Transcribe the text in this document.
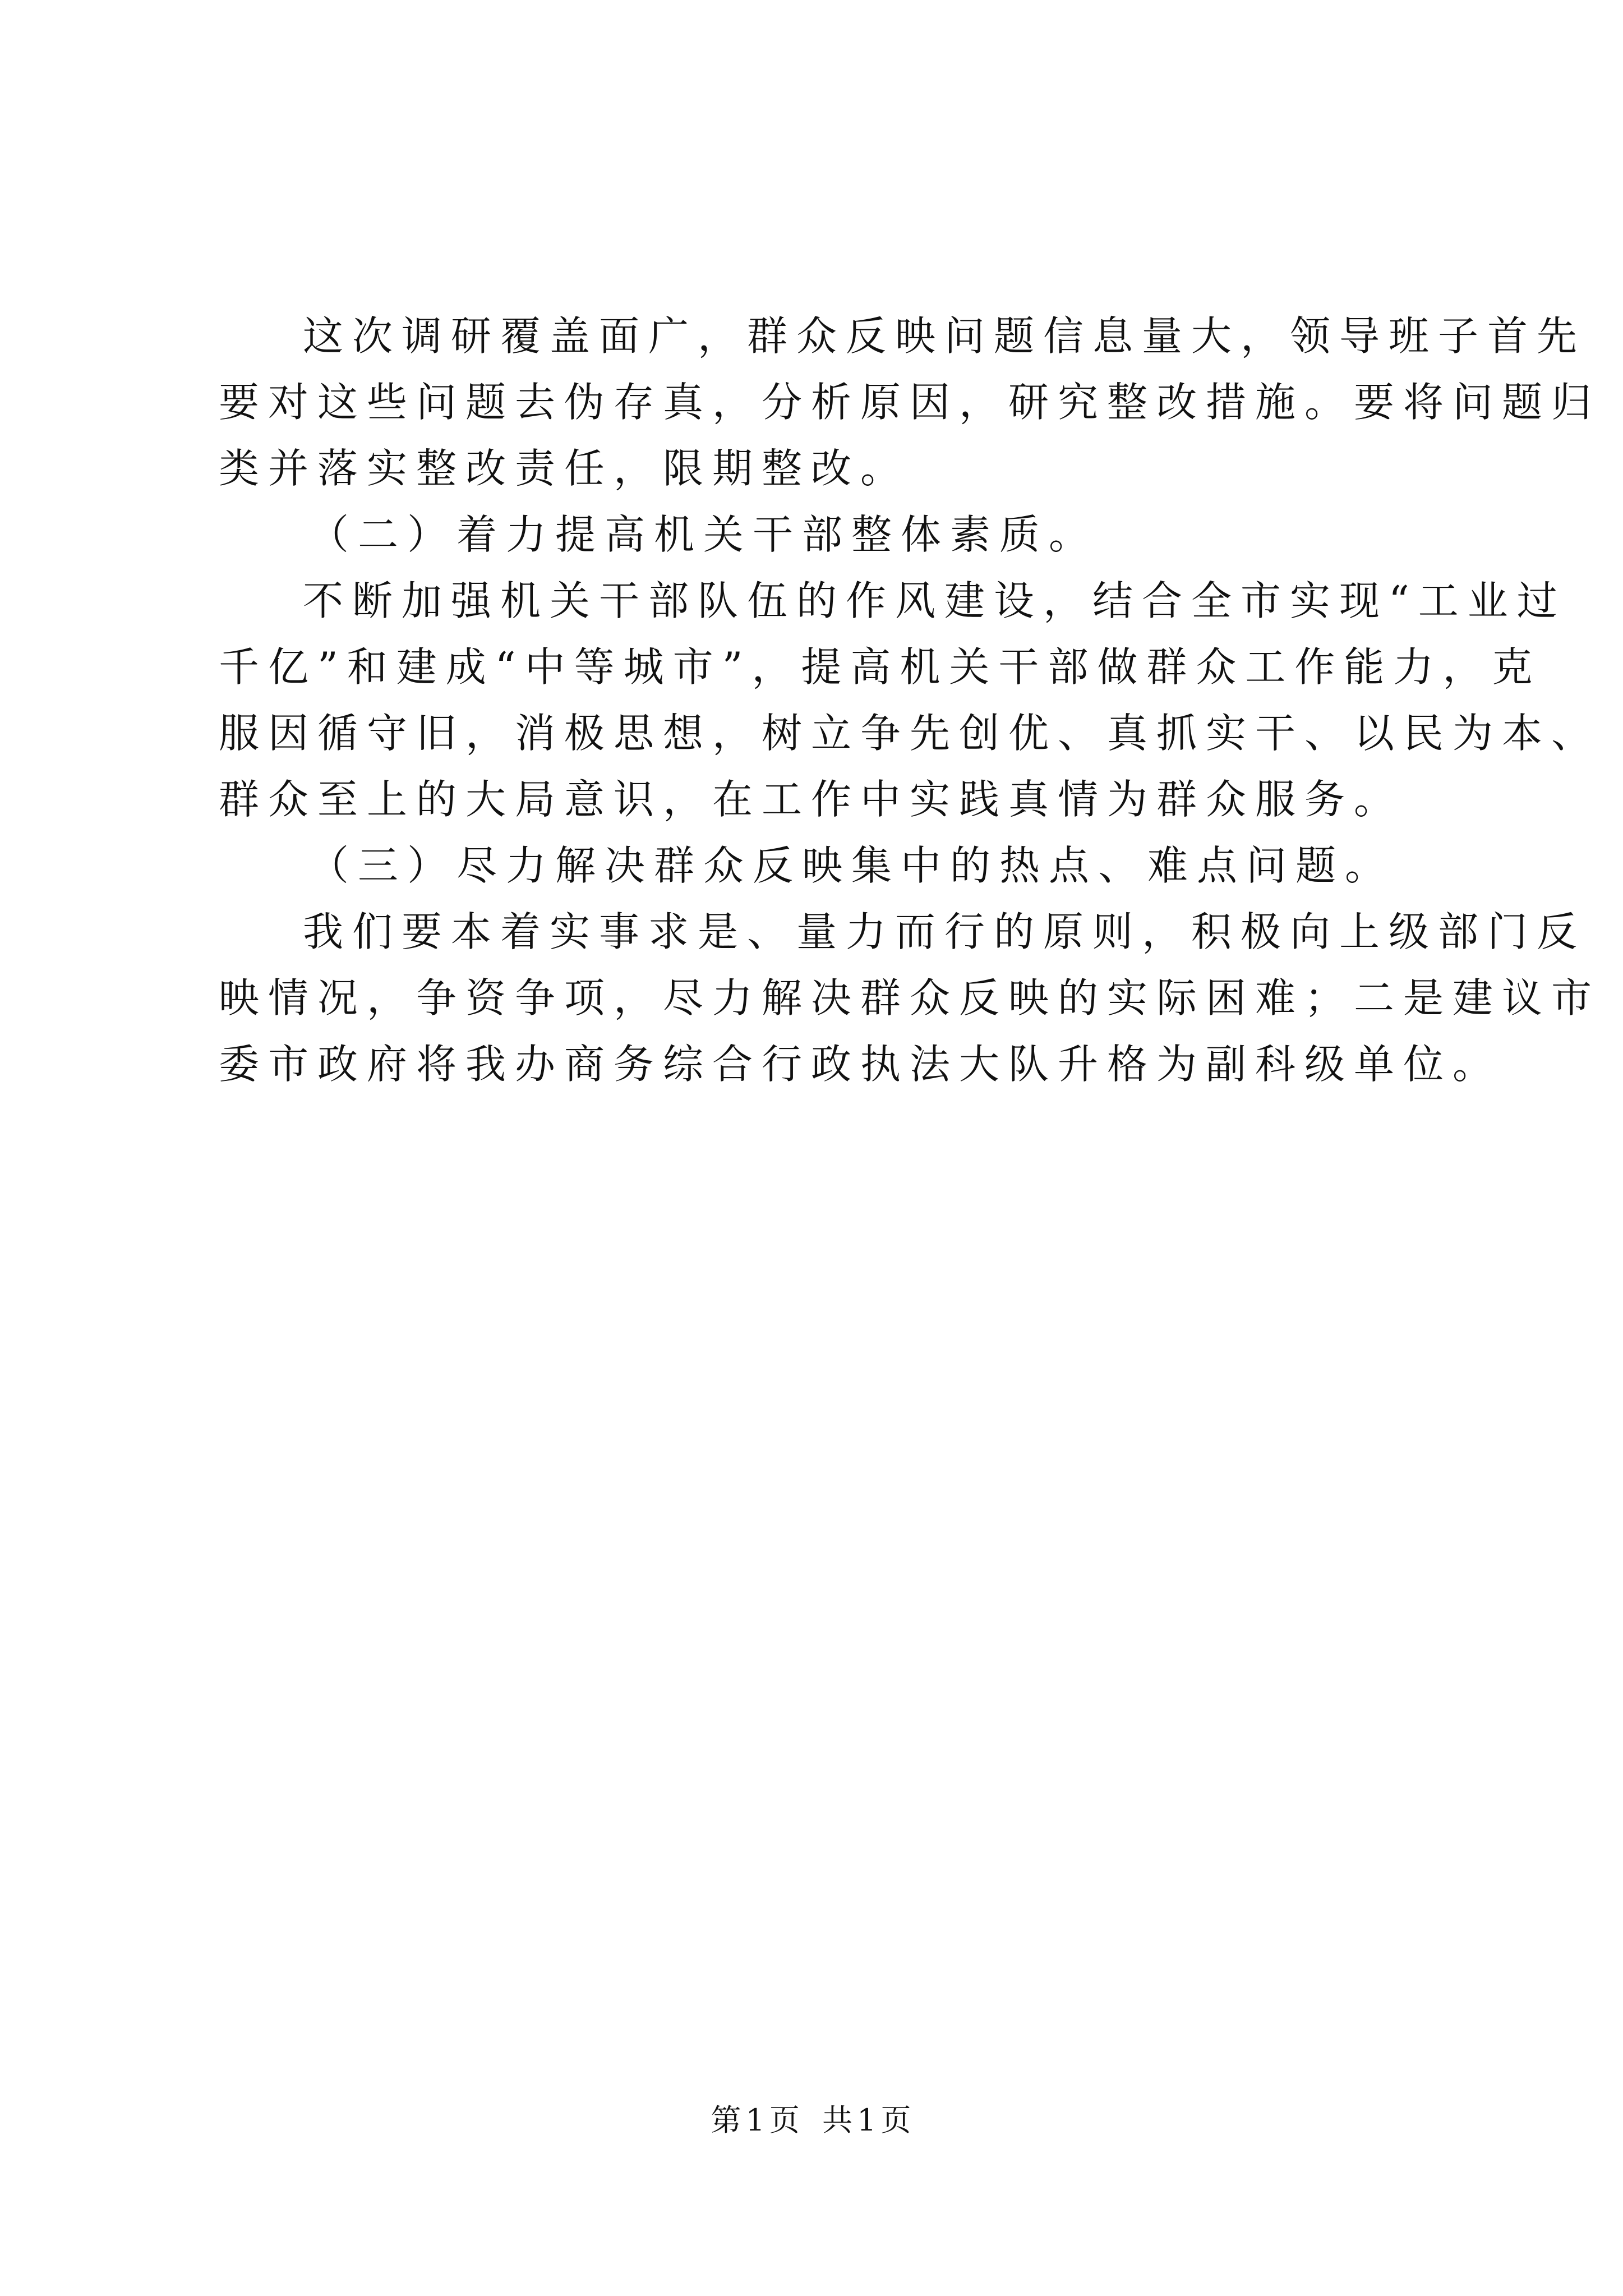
这次调研覆盖面广，群众反映问题信息量大，领导班子首先
要对这些问题去伪存真，分析原因，研究整改措施。要将问题归
类并落实整改责任，限期整改。
（二）着力提高机关干部整体素质。
不断加强机关干部队伍的作风建设，结合全市实现“工业过
千亿”和建成“中等城市”，提高机关干部做群众工作能力，克
服因循守旧，消极思想，树立争先创优、真抓实干、以民为本、
群众至上的大局意识，在工作中实践真情为群众服务。
（三）尽力解决群众反映集中的热点、难点问题。
我们要本着实事求是、量力而行的原则，积极向上级部门反
映情况，争资争项，尽力解决群众反映的实际困难；二是建议市
委市政府将我办商务综合行政执法大队升格为副科级单位。
第 1 页  共 1 页
